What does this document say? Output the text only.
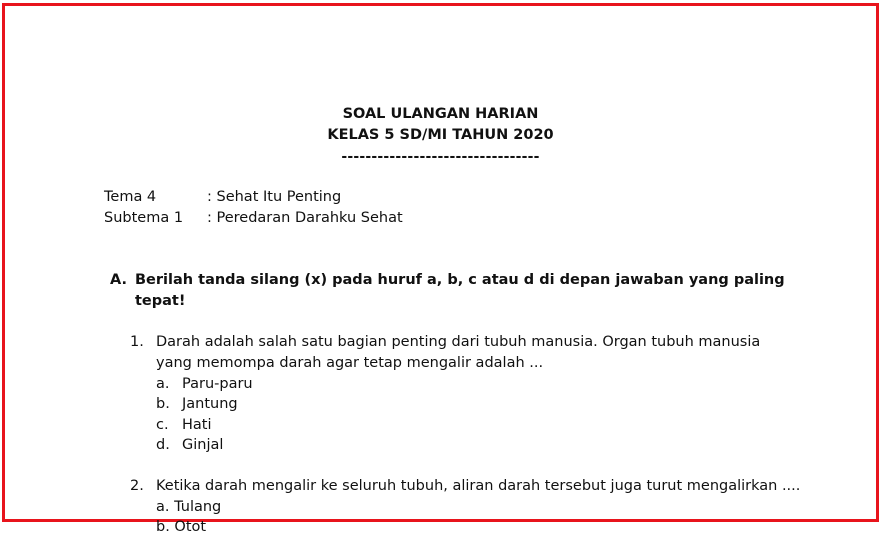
SOAL ULANGAN HARIAN
KELAS 5 SD/MI TAHUN 2020
---------------------------------
Tema 4	: Sehat Itu Penting
Subtema 1 : Peredaran Darahku Sehat
A. Berilah tanda silang (x) pada huruf a, b, c atau d di depan jawaban yang paling tepat!
1. Darah adalah salah satu bagian penting dari tubuh manusia. Organ tubuh manusia yang memompa darah agar tetap mengalir adalah ...
a. Paru-paru
b. Jantung
c. Hati
d. Ginjal
2. Ketika darah mengalir ke seluruh tubuh, aliran darah tersebut juga turut mengalirkan ....
a. Tulang
b. Otot
